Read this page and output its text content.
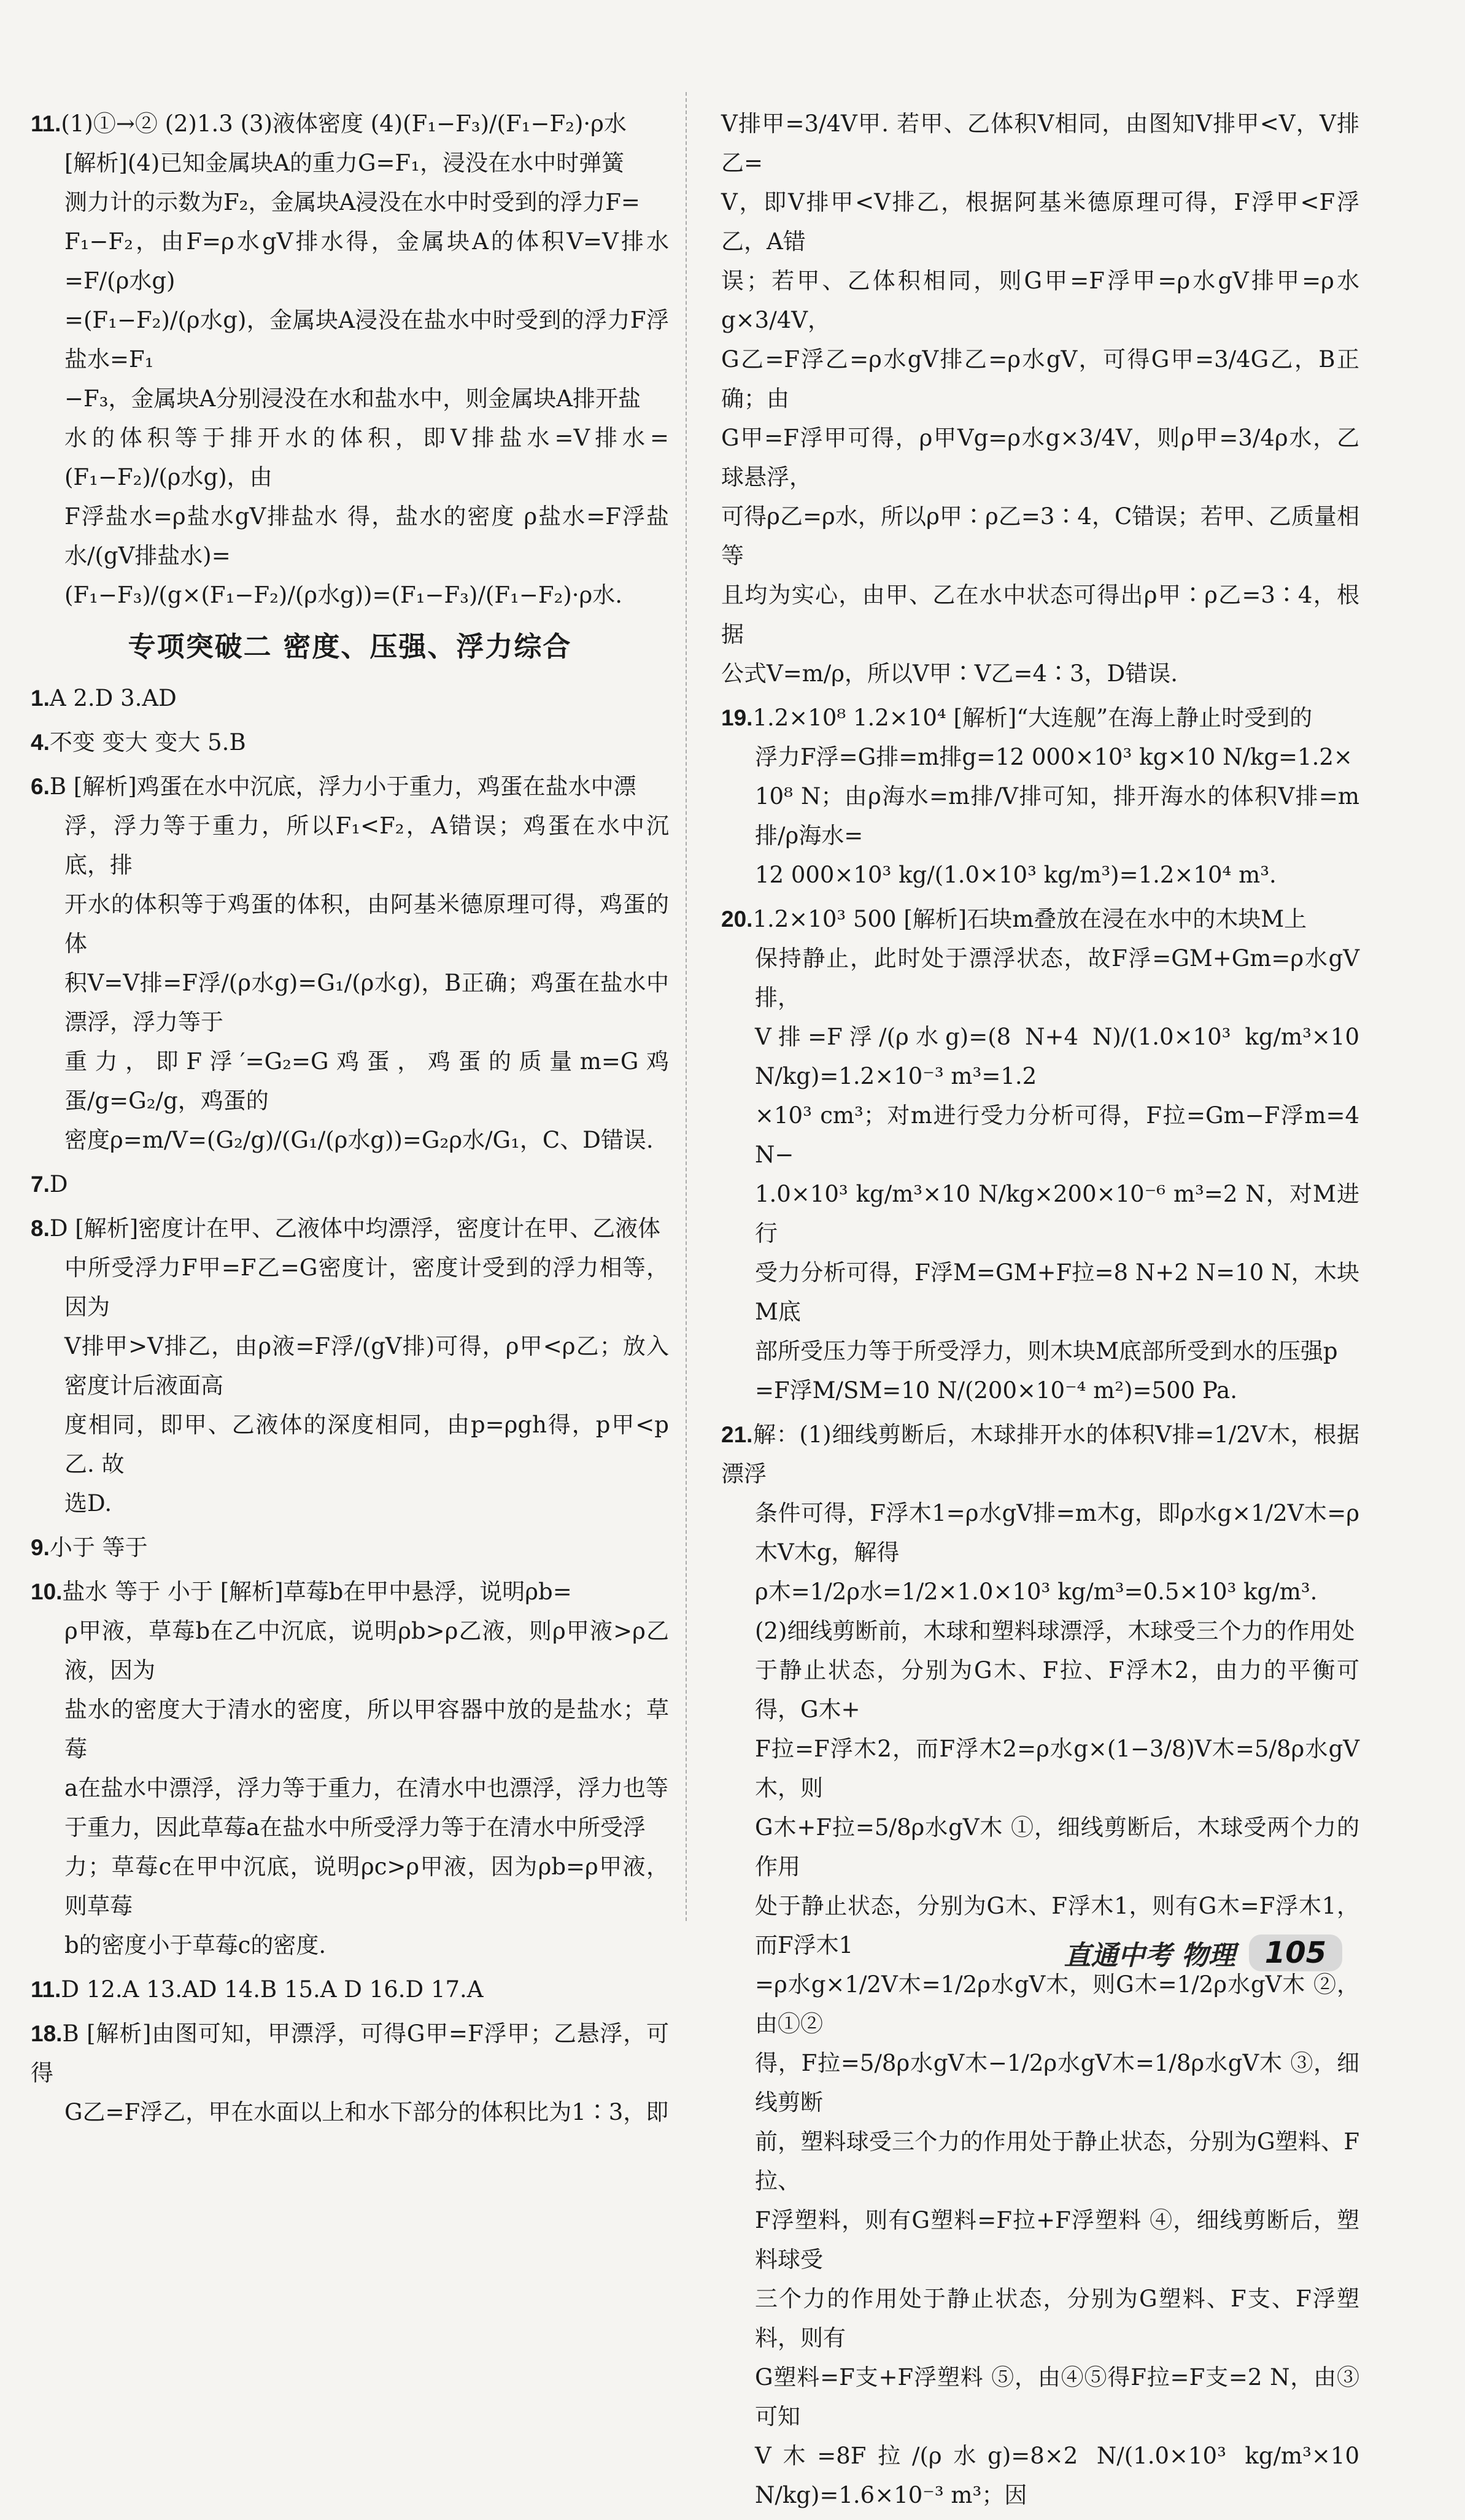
11.(1)①→② (2)1.3 (3)液体密度 (4)(F₁−F₃)/(F₁−F₂)·ρ水

[解析](4)已知金属块A的重力G=F₁，浸没在水中时弹簧

测力计的示数为F₂，金属块A浸没在水中时受到的浮力F=

F₁−F₂，由F=ρ水gV排水得，金属块A的体积V=V排水=F/(ρ水g)

=(F₁−F₂)/(ρ水g)，金属块A浸没在盐水中时受到的浮力F浮盐水=F₁

−F₃，金属块A分别浸没在水和盐水中，则金属块A排开盐

水的体积等于排开水的体积，即V排盐水=V排水=(F₁−F₂)/(ρ水g)，由

F浮盐水=ρ盐水gV排盐水 得，盐水的密度 ρ盐水=F浮盐水/(gV排盐水)=

(F₁−F₃)/(g×(F₁−F₂)/(ρ水g))=(F₁−F₃)/(F₁−F₂)·ρ水.

专项突破二 密度、压强、浮力综合

1.A 2.D 3.AD

4.不变 变大 变大 5.B

6.B [解析]鸡蛋在水中沉底，浮力小于重力，鸡蛋在盐水中漂

浮，浮力等于重力，所以F₁<F₂，A错误；鸡蛋在水中沉底，排

开水的体积等于鸡蛋的体积，由阿基米德原理可得，鸡蛋的体

积V=V排=F浮/(ρ水g)=G₁/(ρ水g)，B正确；鸡蛋在盐水中漂浮，浮力等于

重力，即F浮′=G₂=G鸡蛋，鸡蛋的质量m=G鸡蛋/g=G₂/g，鸡蛋的

密度ρ=m/V=(G₂/g)/(G₁/(ρ水g))=G₂ρ水/G₁，C、D错误.

7.D

8.D [解析]密度计在甲、乙液体中均漂浮，密度计在甲、乙液体

中所受浮力F甲=F乙=G密度计，密度计受到的浮力相等，因为

V排甲>V排乙，由ρ液=F浮/(gV排)可得，ρ甲<ρ乙；放入密度计后液面高

度相同，即甲、乙液体的深度相同，由p=ρgh得，p甲<p乙. 故

选D.

9.小于 等于

10.盐水 等于 小于 [解析]草莓b在甲中悬浮，说明ρb=

ρ甲液，草莓b在乙中沉底，说明ρb>ρ乙液，则ρ甲液>ρ乙液，因为

盐水的密度大于清水的密度，所以甲容器中放的是盐水；草莓

a在盐水中漂浮，浮力等于重力，在清水中也漂浮，浮力也等

于重力，因此草莓a在盐水中所受浮力等于在清水中所受浮

力；草莓c在甲中沉底，说明ρc>ρ甲液，因为ρb=ρ甲液，则草莓

b的密度小于草莓c的密度.

11.D 12.A 13.AD 14.B 15.A D 16.D 17.A

18.B [解析]由图可知，甲漂浮，可得G甲=F浮甲；乙悬浮，可得

G乙=F浮乙，甲在水面以上和水下部分的体积比为1∶3，即

V排甲=3/4V甲. 若甲、乙体积V相同，由图知V排甲<V，V排乙=

V，即V排甲<V排乙，根据阿基米德原理可得，F浮甲<F浮乙，A错

误；若甲、乙体积相同，则G甲=F浮甲=ρ水gV排甲=ρ水g×3/4V，

G乙=F浮乙=ρ水gV排乙=ρ水gV，可得G甲=3/4G乙，B正确；由

G甲=F浮甲可得，ρ甲Vg=ρ水g×3/4V，则ρ甲=3/4ρ水，乙球悬浮，

可得ρ乙=ρ水，所以ρ甲∶ρ乙=3∶4，C错误；若甲、乙质量相等

且均为实心，由甲、乙在水中状态可得出ρ甲∶ρ乙=3∶4，根据

公式V=m/ρ，所以V甲∶V乙=4∶3，D错误.

19.1.2×10⁸ 1.2×10⁴ [解析]“大连舰”在海上静止时受到的

浮力F浮=G排=m排g=12 000×10³ kg×10 N/kg=1.2×

10⁸ N；由ρ海水=m排/V排可知，排开海水的体积V排=m排/ρ海水=

12 000×10³ kg/(1.0×10³ kg/m³)=1.2×10⁴ m³.

20.1.2×10³ 500 [解析]石块m叠放在浸在水中的木块M上

保持静止，此时处于漂浮状态，故F浮=GM+Gm=ρ水gV排，

V排=F浮/(ρ水g)=(8 N+4 N)/(1.0×10³ kg/m³×10 N/kg)=1.2×10⁻³ m³=1.2

×10³ cm³；对m进行受力分析可得，F拉=Gm−F浮m=4 N−

1.0×10³ kg/m³×10 N/kg×200×10⁻⁶ m³=2 N，对M进行

受力分析可得，F浮M=GM+F拉=8 N+2 N=10 N，木块M底

部所受压力等于所受浮力，则木块M底部所受到水的压强p

=F浮M/SM=10 N/(200×10⁻⁴ m²)=500 Pa.

21.解：(1)细线剪断后，木球排开水的体积V排=1/2V木，根据漂浮

条件可得，F浮木1=ρ水gV排=m木g，即ρ水g×1/2V木=ρ木V木g，解得

ρ木=1/2ρ水=1/2×1.0×10³ kg/m³=0.5×10³ kg/m³.

(2)细线剪断前，木球和塑料球漂浮，木球受三个力的作用处

于静止状态，分别为G木、F拉、F浮木2，由力的平衡可得，G木+

F拉=F浮木2，而F浮木2=ρ水g×(1−3/8)V木=5/8ρ水gV木，则

G木+F拉=5/8ρ水gV木 ①，细线剪断后，木球受两个力的作用

处于静止状态，分别为G木、F浮木1，则有G木=F浮木1，而F浮木1

=ρ水g×1/2V木=1/2ρ水gV木，则G木=1/2ρ水gV木 ②，由①②

得，F拉=5/8ρ水gV木−1/2ρ水gV木=1/8ρ水gV木 ③，细线剪断

前，塑料球受三个力的作用处于静止状态，分别为G塑料、F拉、

F浮塑料，则有G塑料=F拉+F浮塑料 ④，细线剪断后，塑料球受

三个力的作用处于静止状态，分别为G塑料、F支、F浮塑料，则有

G塑料=F支+F浮塑料 ⑤，由④⑤得F拉=F支=2 N，由③可知

V木=8F拉/(ρ水g)=8×2 N/(1.0×10³ kg/m³×10 N/kg)=1.6×10⁻³ m³；因

直通中考 物理	105
